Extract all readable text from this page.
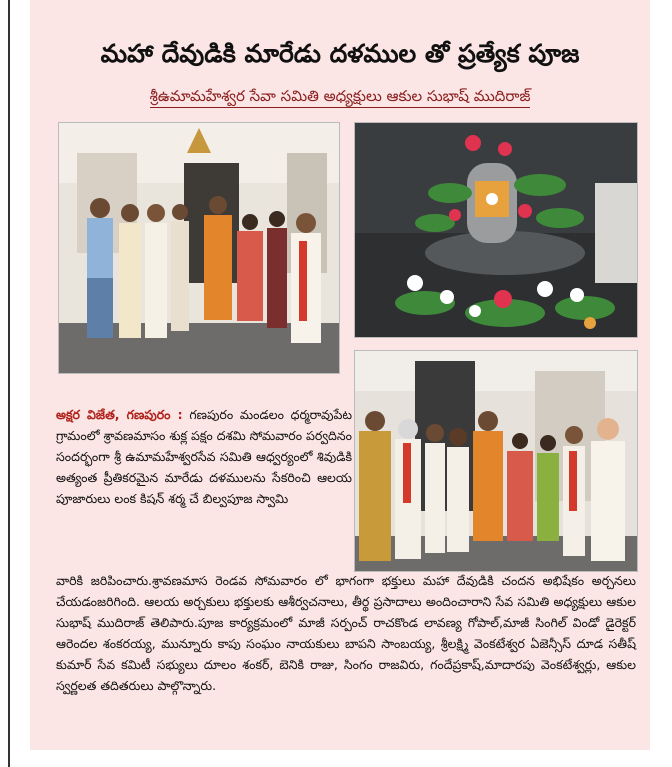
మహా దేవుడికి మారేడు దళముల తో ప్రత్యేక పూజ
శ్రీఉమామహేశ్వర సేవా సమితి అధ్యక్షులు ఆకుల సుభాష్ ముదిరాజ్

అక్షర విజేత, గణపురం : గణపురం మండలం ధర్మరావుపేట గ్రామంలో శ్రావణమాసం శుక్ల పక్షం దశమి సోమవారం పర్వదినం సందర్భంగా శ్రీ ఉమామహేశ్వరసేవ సమితి ఆధ్వర్యంలో శివుడికి అత్యంత ప్రీతికరమైన మారేడు దళములను సేకరించి ఆలయ పూజారులు లంక కిషన్ శర్మ చే బిల్వపూజ స్వామి

వారికి జరిపించారు.శ్రావణమాస రెండవ సోమవారం లో భాగంగా భక్తులు మహా దేవుడికి చందన అభిషేకం అర్చనలు చేయడంజరిగింది. ఆలయ అర్చకులు భక్తులకు ఆశీర్వచనాలు, తీర్థ ప్రసాదాలు అందించారాని సేవ సమితి అధ్యక్షులు ఆకుల సుభాష్ ముదిరాజ్ తెలిపారు.పూజ కార్యక్రమంలో మాజీ సర్పంచ్ రాచకొండ లావణ్య గోపాల్,మాజీ సింగిల్ విండో డైరెక్టర్ ఆరెందల శంకరయ్య, మున్నూరు కాపు సంఘం నాయకులు బాపని సాంబయ్య, శ్రీలక్ష్మి వెంకటేశ్వర ఏజెన్సీస్ దూడ సతీష్ కుమార్ సేవ కమిటీ సభ్యులు దూలం శంకర్, బెనికి రాజు, సింగం రాజవిరు, గందేప్రకాష్,మాదారపు వెంకటేశ్వర్లు, ఆకుల స్వర్ణలత తదితరులు పాల్గొన్నారు.
